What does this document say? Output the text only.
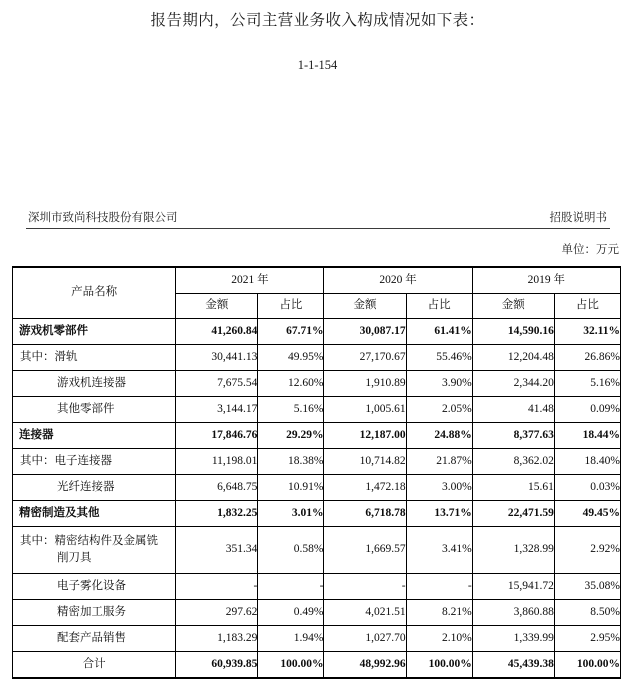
报告期内，公司主营业务收入构成情况如下表：
1-1-154
深圳市致尚科技股份有限公司	招股说明书
单位：万元
产品名称	2021 年		2020 年		2019 年	
	金额	占比	金额	占比	金额	占比
游戏机零部件	41,260.84	67.71%	30,087.17	61.41%	14,590.16	32.11%
其中：滑轨	30,441.13	49.95%	27,170.67	55.46%	12,204.48	26.86%
游戏机连接器	7,675.54	12.60%	1,910.89	3.90%	2,344.20	5.16%
其他零部件	3,144.17	5.16%	1,005.61	2.05%	41.48	0.09%
连接器	17,846.76	29.29%	12,187.00	24.88%	8,377.63	18.44%
其中：电子连接器	11,198.01	18.38%	10,714.82	21.87%	8,362.02	18.40%
光纤连接器	6,648.75	10.91%	1,472.18	3.00%	15.61	0.03%
精密制造及其他	1,832.25	3.01%	6,718.78	13.71%	22,471.59	49.45%
其中：精密结构件及金属铣
削刀具	351.34	0.58%	1,669.57	3.41%	1,328.99	2.92%
电子雾化设备	-	-	-	-	15,941.72	35.08%
精密加工服务	297.62	0.49%	4,021.51	8.21%	3,860.88	8.50%
配套产品销售	1,183.29	1.94%	1,027.70	2.10%	1,339.99	2.95%
合计	60,939.85	100.00%	48,992.96	100.00%	45,439.38	100.00%
